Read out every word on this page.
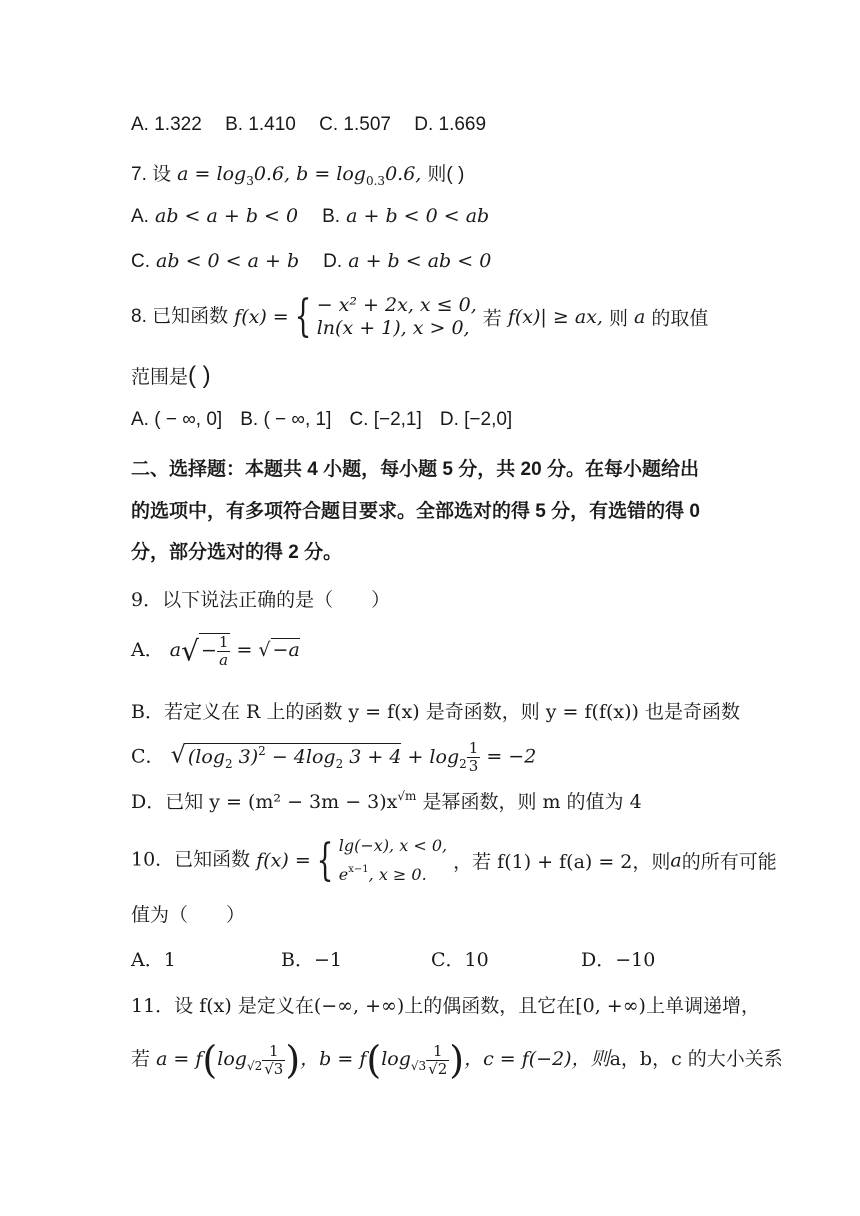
A. 1.322 B. 1.410 C. 1.507 D. 1.669
7. 设 $a = \log_30.6$, $b = \log_{0.3}0.6$, 则( )
A. ab < a + b < 0 B. a + b < 0 < ab
C. ab < 0 < a + b D. a + b < ab < 0
8. 已知函数 f(x) = { − x² + 2x, x ≤ 0,
ln(x + 1), x > 0, 若 f(x)| ≥ ax, 则 a 的取值
范围是( )
A. ( − ∞, 0] B. ( − ∞, 1] C. [−2,1] D. [−2,0]
二、选择题：本题共 4 小题，每小题 5 分，共 20 分。在每小题给出
的选项中，有多项符合题目要求。全部选对的得 5 分，有选错的得 0
分，部分选对的得 2 分。
9．以下说法正确的是（　　）
A． $a√ - \frac{1}{a}$ = √ −a
B．若定义在 R 上的函数 y = f(x) 是奇函数，则 y = f(f(x)) 也是奇函数
C． √ ($\log_2$ $3)^2 - 4\log_2$ $3 + 4 + \log_2 \frac{1}{3} = -2$
D．已知 $y = (m^2 - 3m - 3)x^{√m}$ 是幂函数，则 m 的值为 4
10．已知函数 f(x) = { lg(−x), x < 0,
$e^{x-1}$, x ≥ 0.
，若 f(1) + f(a) = 2，则a的所有可能
值为（　　）
A．1	B．−1	C．10	D．−10
11．设 f(x) 是定义在(−∞, +∞)上的偶函数，且它在[0, +∞)上单调递增，
若 $a = f(\log_{√2} \frac{1}{√3}$ )，$b = f(\log_{√3} \frac{1}{√2}$ )，c = f(−2)，则a，b，c 的大小关系
